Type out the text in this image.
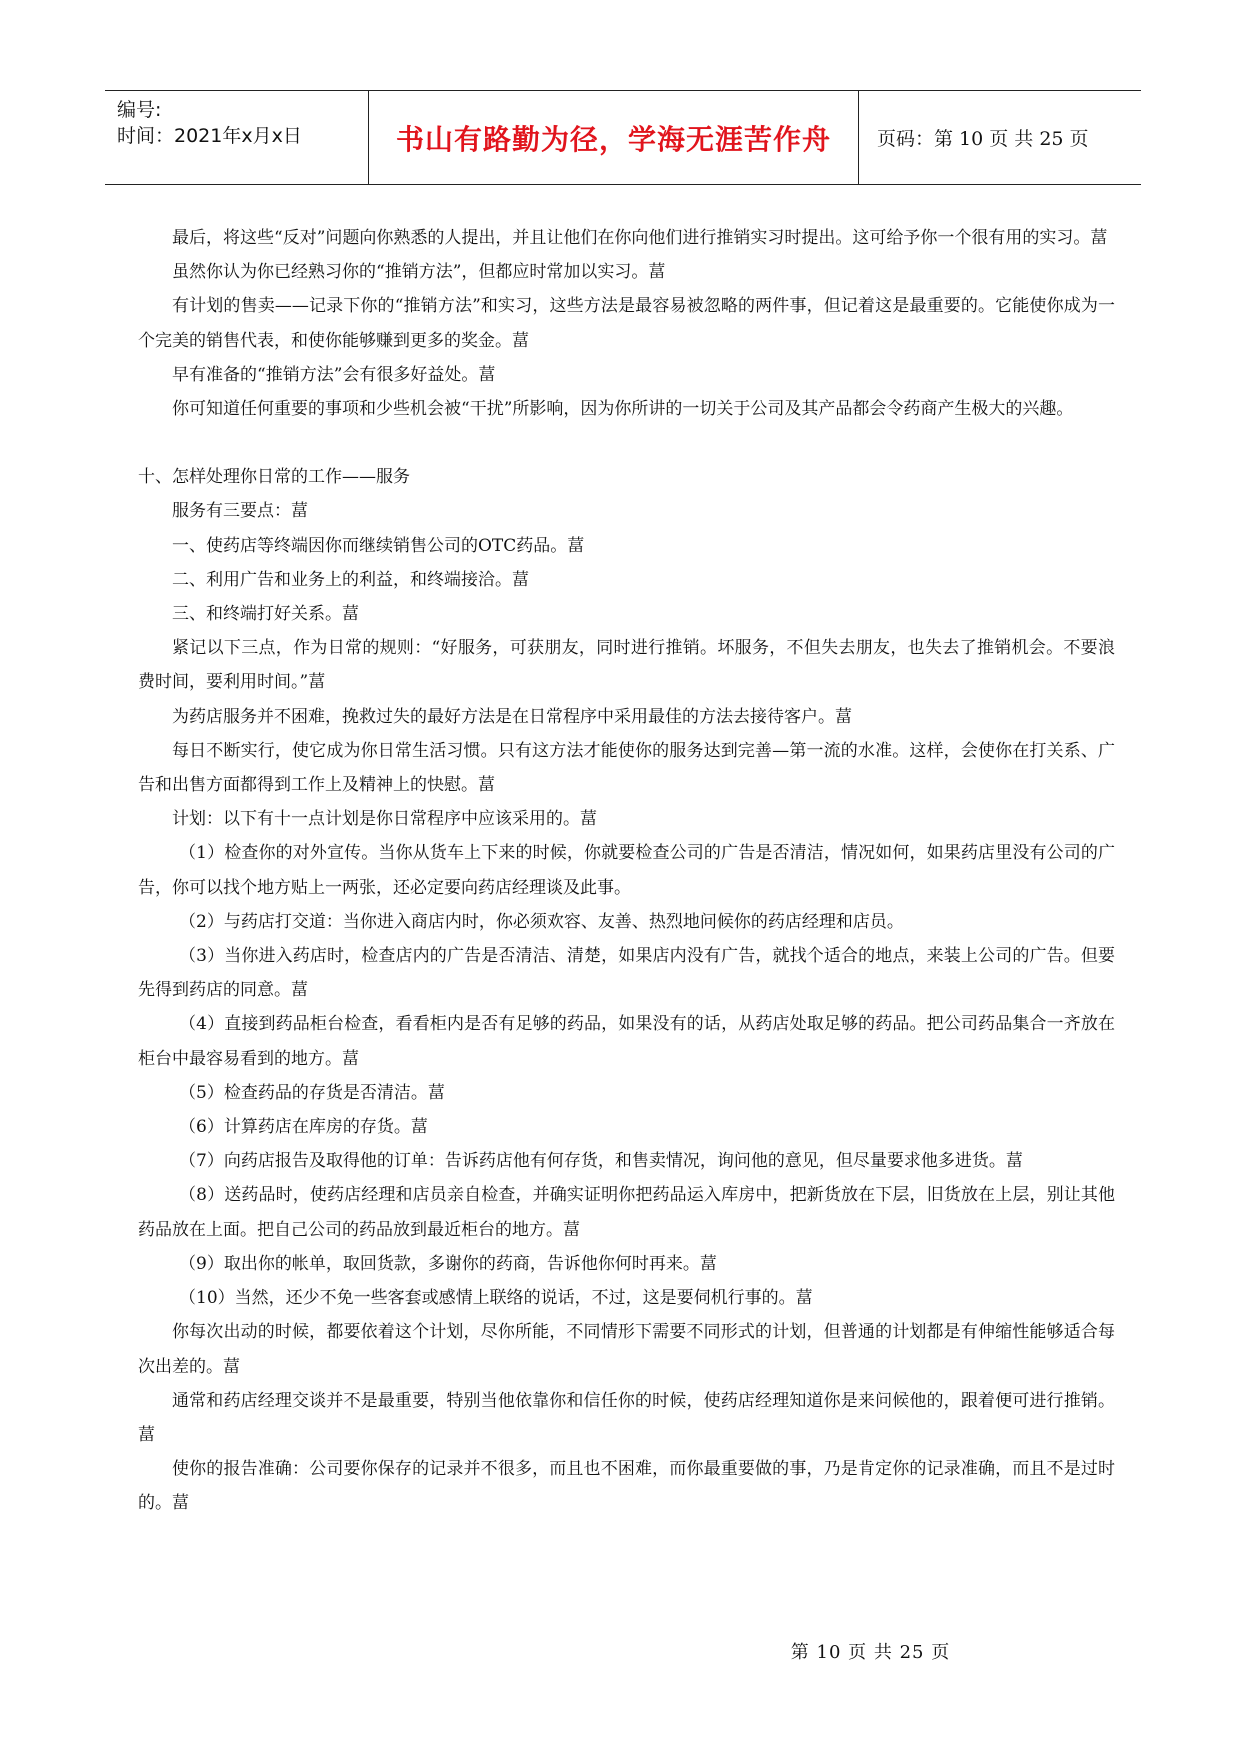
编号:
时间：2021年x月x日	书山有路勤为径，学海无涯苦作舟 页码：第 10 页 共 25 页

最后，将这些“反对”问题向你熟悉的人提出，并且让他们在你向他们进行推销实习时提出。这可给予你一个很有用的实习。葍

虽然你认为你已经熟习你的“推销方法”，但都应时常加以实习。葍

有计划的售卖——记录下你的“推销方法”和实习，这些方法是最容易被忽略的两件事，但记着这是最重要的。它能使你成为一个完美的销售代表，和使你能够赚到更多的奖金。葍

早有准备的“推销方法”会有很多好益处。葍

你可知道任何重要的事项和少些机会被“干扰”所影响，因为你所讲的一切关于公司及其产品都会令药商产生极大的兴趣。

十、怎样处理你日常的工作——服务

服务有三要点：葍

一、使药店等终端因你而继续销售公司的OTC药品。葍

二、利用广告和业务上的利益，和终端接洽。葍

三、和终端打好关系。葍

紧记以下三点，作为日常的规则：“好服务，可获朋友，同时进行推销。坏服务，不但失去朋友，也失去了推销机会。不要浪费时间，要利用时间。”葍

为药店服务并不困难，挽救过失的最好方法是在日常程序中采用最佳的方法去接待客户。葍

每日不断实行，使它成为你日常生活习惯。只有这方法才能使你的服务达到完善—第一流的水准。这样，会使你在打关系、广告和出售方面都得到工作上及精神上的快慰。葍

计划：以下有十一点计划是你日常程序中应该采用的。葍

（1）检查你的对外宣传。当你从货车上下来的时候，你就要检查公司的广告是否清洁，情况如何，如果药店里没有公司的广告，你可以找个地方贴上一两张，还必定要向药店经理谈及此事。

（2）与药店打交道：当你进入商店内时，你必须欢容、友善、热烈地问候你的药店经理和店员。

（3）当你进入药店时，检查店内的广告是否清洁、清楚，如果店内没有广告，就找个适合的地点，来装上公司的广告。但要先得到药店的同意。葍

（4）直接到药品柜台检查，看看柜内是否有足够的药品，如果没有的话，从药店处取足够的药品。把公司药品集合一齐放在柜台中最容易看到的地方。葍

（5）检查药品的存货是否清洁。葍

（6）计算药店在库房的存货。葍

（7）向药店报告及取得他的订单：告诉药店他有何存货，和售卖情况，询问他的意见，但尽量要求他多进货。葍

（8）送药品时，使药店经理和店员亲自检查，并确实证明你把药品运入库房中，把新货放在下层，旧货放在上层，别让其他药品放在上面。把自己公司的药品放到最近柜台的地方。葍

（9）取出你的帐单，取回货款，多谢你的药商，告诉他你何时再来。葍

（10）当然，还少不免一些客套或感情上联络的说话，不过，这是要伺机行事的。葍

你每次出动的时候，都要依着这个计划，尽你所能，不同情形下需要不同形式的计划，但普通的计划都是有伸缩性能够适合每次出差的。葍

通常和药店经理交谈并不是最重要，特别当他依靠你和信任你的时候，使药店经理知道你是来问候他的，跟着便可进行推销。葍

使你的报告准确：公司要你保存的记录并不很多，而且也不困难，而你最重要做的事，乃是肯定你的记录准确，而且不是过时的。葍

第 10 页 共 25 页
